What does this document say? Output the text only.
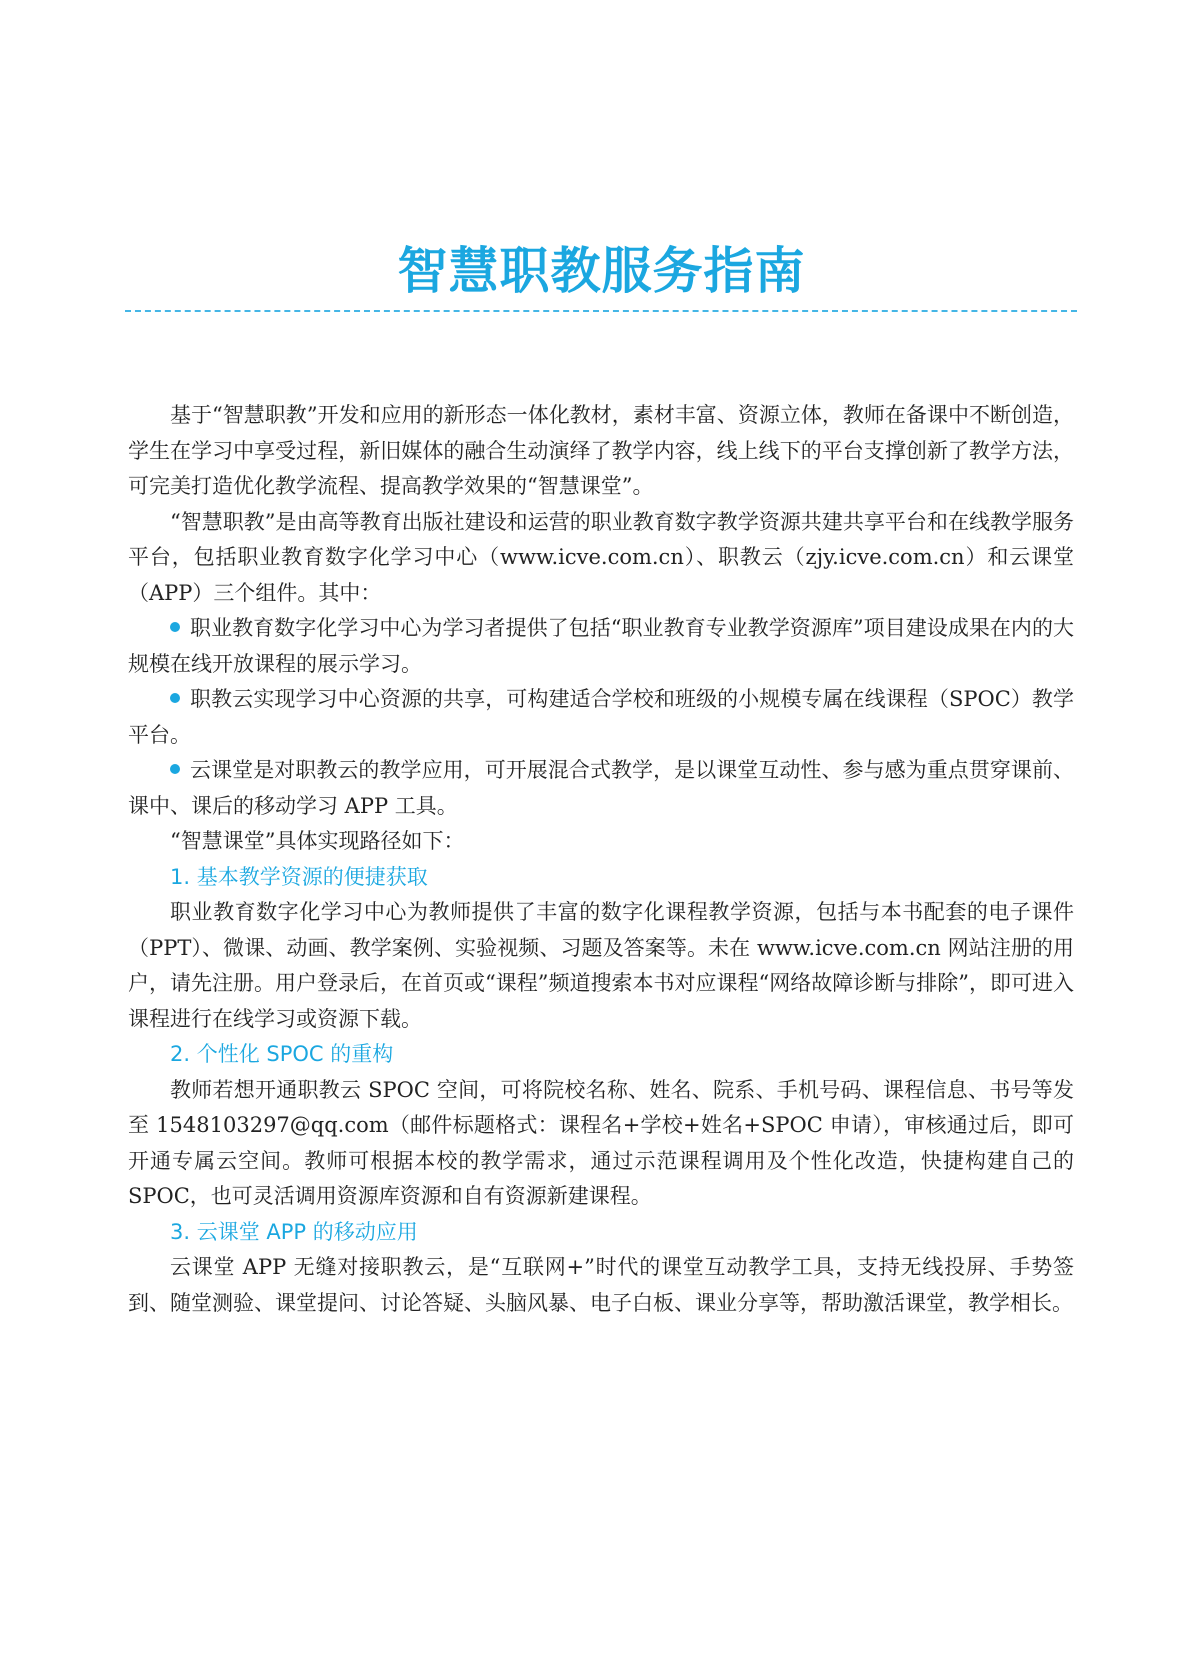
智慧职教服务指南

基于“智慧职教”开发和应用的新形态一体化教材，素材丰富、资源立体，教师在备课中不断创造，学生在学习中享受过程，新旧媒体的融合生动演绎了教学内容，线上线下的平台支撑创新了教学方法，可完美打造优化教学流程、提高教学效果的“智慧课堂”。

“智慧职教”是由高等教育出版社建设和运营的职业教育数字教学资源共建共享平台和在线教学服务平台，包括职业教育数字化学习中心（www.icve.com.cn）、职教云（zjy.icve.com.cn）和云课堂（APP）三个组件。其中：

职业教育数字化学习中心为学习者提供了包括“职业教育专业教学资源库”项目建设成果在内的大规模在线开放课程的展示学习。

职教云实现学习中心资源的共享，可构建适合学校和班级的小规模专属在线课程（SPOC）教学平台。

云课堂是对职教云的教学应用，可开展混合式教学，是以课堂互动性、参与感为重点贯穿课前、课中、课后的移动学习 APP 工具。

“智慧课堂”具体实现路径如下：

1. 基本教学资源的便捷获取

职业教育数字化学习中心为教师提供了丰富的数字化课程教学资源，包括与本书配套的电子课件（PPT）、微课、动画、教学案例、实验视频、习题及答案等。未在 www.icve.com.cn 网站注册的用户，请先注册。用户登录后，在首页或“课程”频道搜索本书对应课程“网络故障诊断与排除”，即可进入课程进行在线学习或资源下载。

2. 个性化 SPOC 的重构

教师若想开通职教云 SPOC 空间，可将院校名称、姓名、院系、手机号码、课程信息、书号等发至 1548103297@qq.com（邮件标题格式：课程名+学校+姓名+SPOC 申请），审核通过后，即可开通专属云空间。教师可根据本校的教学需求，通过示范课程调用及个性化改造，快捷构建自己的 SPOC，也可灵活调用资源库资源和自有资源新建课程。

3. 云课堂 APP 的移动应用

云课堂 APP 无缝对接职教云，是“互联网+”时代的课堂互动教学工具，支持无线投屏、手势签到、随堂测验、课堂提问、讨论答疑、头脑风暴、电子白板、课业分享等，帮助激活课堂，教学相长。
